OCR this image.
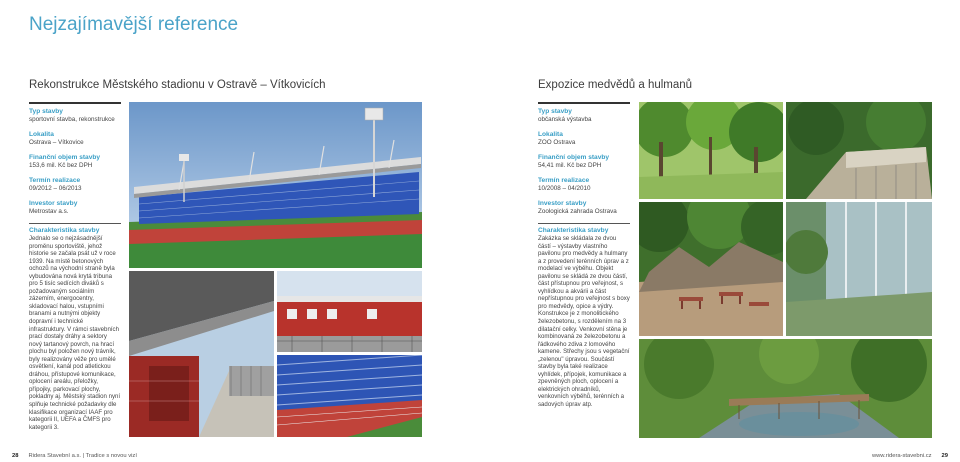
Nejzajímavější reference
Rekonstrukce Městského stadionu v Ostravě – Vítkovicích	Expozice medvědů a hulmanů
Typ stavby
sportovní stavba, rekonstrukce
Lokalita
Ostrava – Vítkovice
Finanční objem stavby
153,6 mil. Kč bez DPH
Termín realizace
09/2012 – 06/2013
Investor stavby
Metrostav a.s.
Charakteristika stavby
Jednalo se o nejzásadnější proměnu sportoviště, jehož historie se začala psát už v roce 1939. Na místě betonových ochozů na východní straně byla vybudována nová krytá tribuna pro 5 tisíc sedících diváků s požadovaným sociálním zázemím, energocentry, skladovací halou, vstupními branami a nutnými objekty dopravní i technické infrastruktury. V rámci stavebních prací dostaly dráhy a sektory nový tartanový povrch, na hrací plochu byl položen nový trávník, byly realizovány věže pro umělé osvětlení, kanál pod atletickou dráhou, přístupové komunikace, oplocení areálu, přeložky, přípojky, parkovací plochy, pokladny aj. Městský stadion nyní splňuje technické požadavky dle klasifikace organizací IAAF pro kategorii II, UEFA a ČMFS pro kategorii 3.
Typ stavby
občanská výstavba
Lokalita
ZOO Ostrava
Finanční objem stavby
54,41 mil. Kč bez DPH
Termín realizace
10/2008 – 04/2010
Investor stavby
Zoologická zahrada Ostrava
Charakteristika stavby
Zakázka se skládala ze dvou částí – výstavby vlastního pavilonu pro medvědy a hulmany a z provedení terénních úprav a z modelací ve výběhu. Objekt pavilonu se skládá ze dvou částí, část přístupnou pro veřejnost, s vyhlídkou a akvárii a část nepřístupnou pro veřejnost s boxy pro medvědy, opice a výdry. Konstrukce je z monolitického železobetonu, s rozdělením na 3 dilatační celky. Venkovní stěna je kombinovaná ze železobetonu a řádkového zdiva z lomového kamene. Střechy jsou s vegetační „zelenou" úpravou. Součástí stavby byla také realizace vyhlídek, přípojek, komunikace a zpevněných ploch, oplocení a elektrických ohradníků, venkovních výběhů, terénních a sadových úprav atp.
28 Ridera Stavební a.s. | Tradice s novou vizí	www.ridera-stavebni.cz 29
